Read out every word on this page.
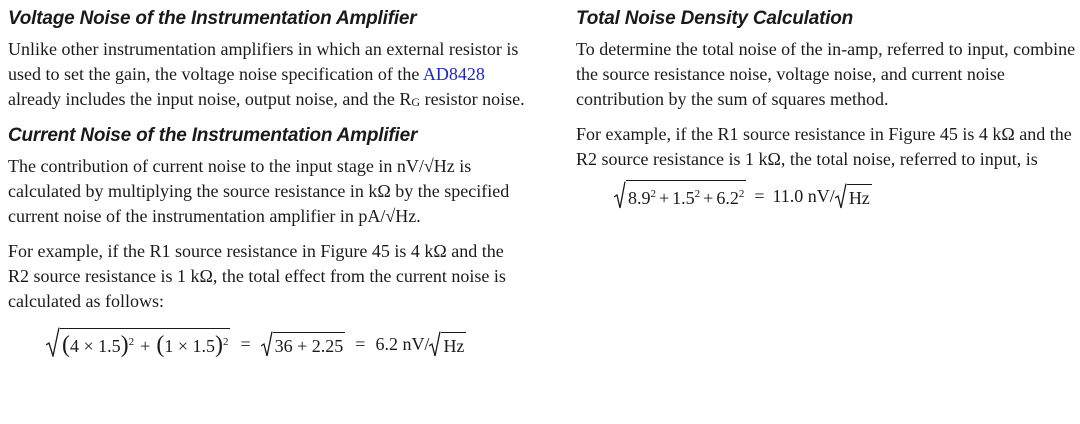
Voltage Noise of the Instrumentation Amplifier

Unlike other instrumentation amplifiers in which an external resistor is used to set the gain, the voltage noise specification of the AD8428 already includes the input noise, output noise, and the RG resistor noise.

Current Noise of the Instrumentation Amplifier

The contribution of current noise to the input stage in nV/√Hz is calculated by multiplying the source resistance in kΩ by the specified current noise of the instrumentation amplifier in pA/√Hz.

For example, if the R1 source resistance in Figure 45 is 4 kΩ and the R2 source resistance is 1 kΩ, the total effect from the current noise is calculated as follows:

$(4 \times 1.5)^2 + (1 \times 1.5)^2$ =	36 + 2.25 = 6.2 nV/ Hz
Total Noise Density Calculation

To determine the total noise of the in-amp, referred to input, combine the source resistance noise, voltage noise, and current noise contribution by the sum of squares method.

For example, if the R1 source resistance in Figure 45 is 4 kΩ and the R2 source resistance is 1 kΩ, the total noise, referred to input, is

$8.9^2 + 1.5^2 + 6.2^2 = 11.0$ nV/ Hz
